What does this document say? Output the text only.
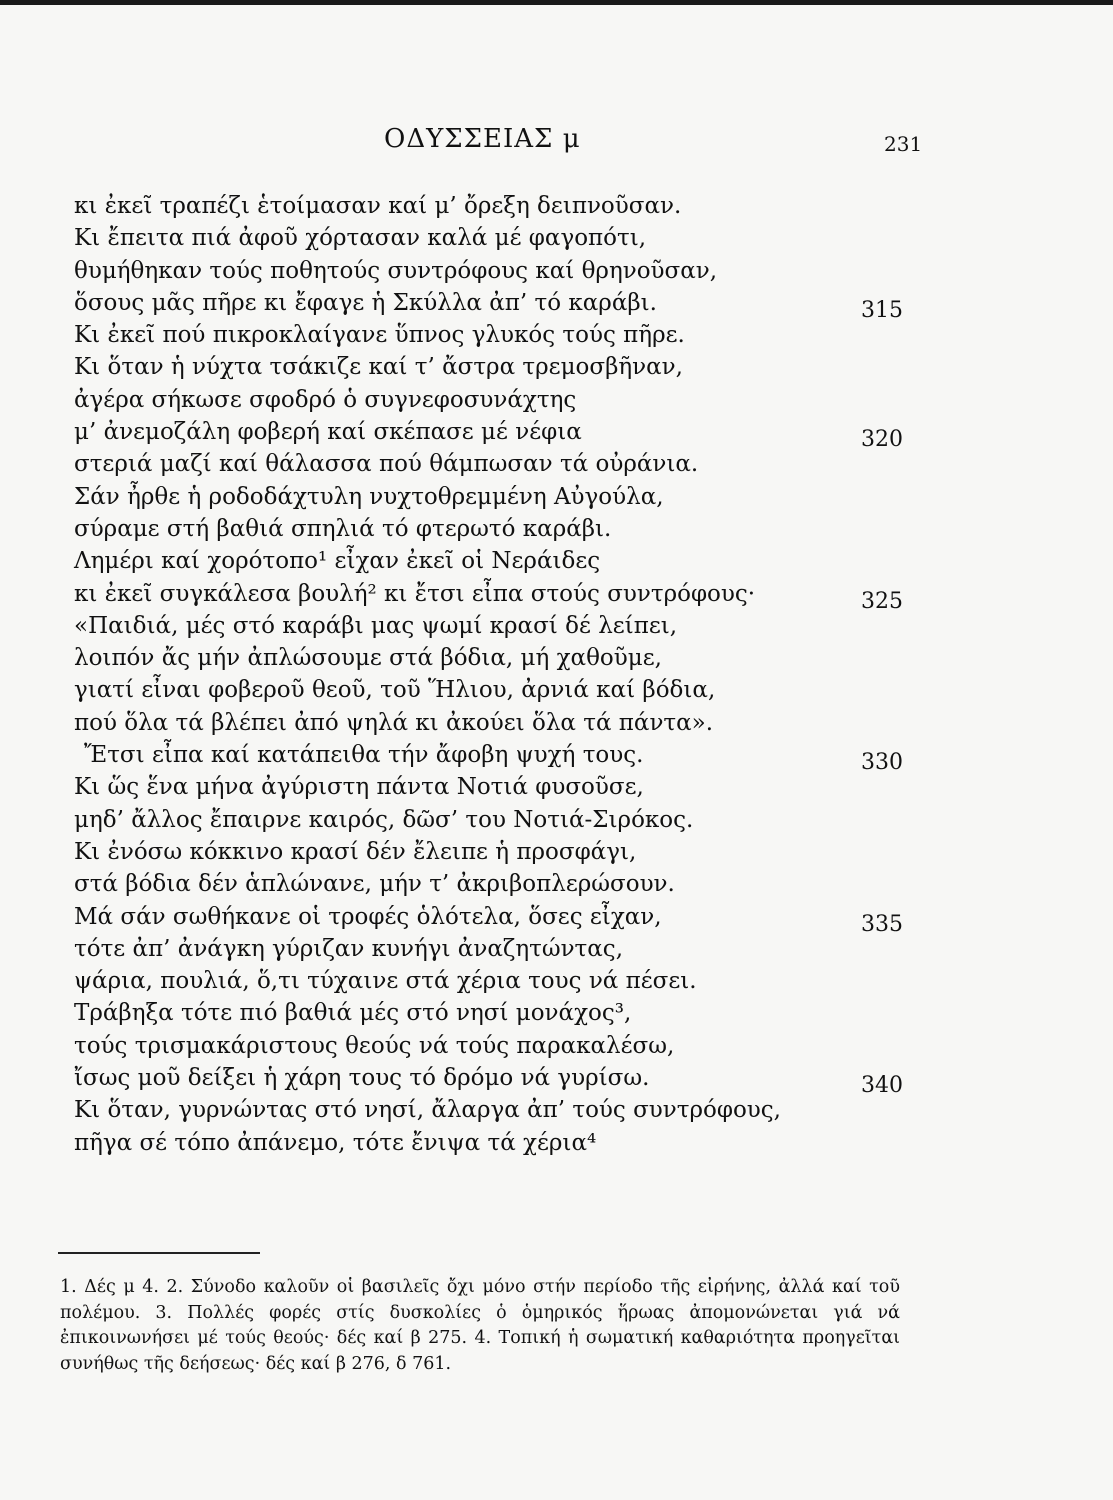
ΟΔΥΣΣΕΙΑΣ μ	231
κι ἐκεῖ τραπέζι ἑτοίμασαν καί μ’ ὄρεξη δειπνοῦσαν.
Κι ἔπειτα πιά ἀφοῦ χόρτασαν καλά μέ φαγοπότι,
θυμήθηκαν τούς ποθητούς συντρόφους καί θρηνοῦσαν,
ὅσους μᾶς πῆρε κι ἔφαγε ἡ Σκύλλα ἀπ’ τό καράβι.	315
Κι ἐκεῖ πού πικροκλαίγανε ὕπνος γλυκός τούς πῆρε.
Κι ὅταν ἡ νύχτα τσάκιζε καί τ’ ἄστρα τρεμοσβῆναν,
ἀγέρα σήκωσε σφοδρό ὁ συγνεφοσυνάχτης
μ’ ἀνεμοζάλη φοβερή καί σκέπασε μέ νέφια	320
στεριά μαζί καί θάλασσα πού θάμπωσαν τά οὐράνια.
Σάν ἦρθε ἡ ροδοδάχτυλη νυχτοθρεμμένη Αὐγούλα,
σύραμε στή βαθιά σπηλιά τό φτερωτό καράβι.
Λημέρι καί χορότοπο¹ εἶχαν ἐκεῖ οἱ Νεράιδες
κι ἐκεῖ συγκάλεσα βουλή² κι ἔτσι εἶπα στούς συντρόφους·	325
«Παιδιά, μές στό καράβι μας ψωμί κρασί δέ λείπει,
λοιπόν ἄς μήν ἀπλώσουμε στά βόδια, μή χαθοῦμε,
γιατί εἶναι φοβεροῦ θεοῦ, τοῦ Ἥλιου, ἀρνιά καί βόδια,
πού ὅλα τά βλέπει ἀπό ψηλά κι ἀκούει ὅλα τά πάντα».
Ἔτσι εἶπα καί κατάπειθα τήν ἄφοβη ψυχή τους.	330
Κι ὥς ἕνα μήνα ἀγύριστη πάντα Νοτιά φυσοῦσε,
μηδ’ ἄλλος ἔπαιρνε καιρός, δῶσ’ του Νοτιά-Σιρόκος.
Κι ἐνόσω κόκκινο κρασί δέν ἔλειπε ἡ προσφάγι,
στά βόδια δέν ἁπλώνανε, μήν τ’ ἀκριβοπλερώσουν.
Μά σάν σωθήκανε οἱ τροφές ὁλότελα, ὅσες εἶχαν,	335
τότε ἀπ’ ἀνάγκη γύριζαν κυνήγι ἀναζητώντας,
ψάρια, πουλιά, ὅ,τι τύχαινε στά χέρια τους νά πέσει.
Τράβηξα τότε πιό βαθιά μές στό νησί μονάχος³,
τούς τρισμακάριστους θεούς νά τούς παρακαλέσω,
ἴσως μοῦ δείξει ἡ χάρη τους τό δρόμο νά γυρίσω.	340
Κι ὅταν, γυρνώντας στό νησί, ἄλαργα ἀπ’ τούς συντρόφους,
πῆγα σέ τόπο ἀπάνεμο, τότε ἔνιψα τά χέρια⁴

1. Δές μ 4. 2. Σύνοδο καλοῦν οἱ βασιλεῖς ὄχι μόνο στήν περίοδο τῆς εἰρήνης, ἀλλά καί τοῦ πολέμου. 3. Πολλές φορές στίς δυσκολίες ὁ ὁμηρικός ἥρωας ἀπομονώνεται γιά νά ἐπικοινωνήσει μέ τούς θεούς· δές καί β 275. 4. Τοπική ἡ σωματική καθαριότητα προηγεῖται συνήθως τῆς δεήσεως· δές καί β 276, δ 761.
